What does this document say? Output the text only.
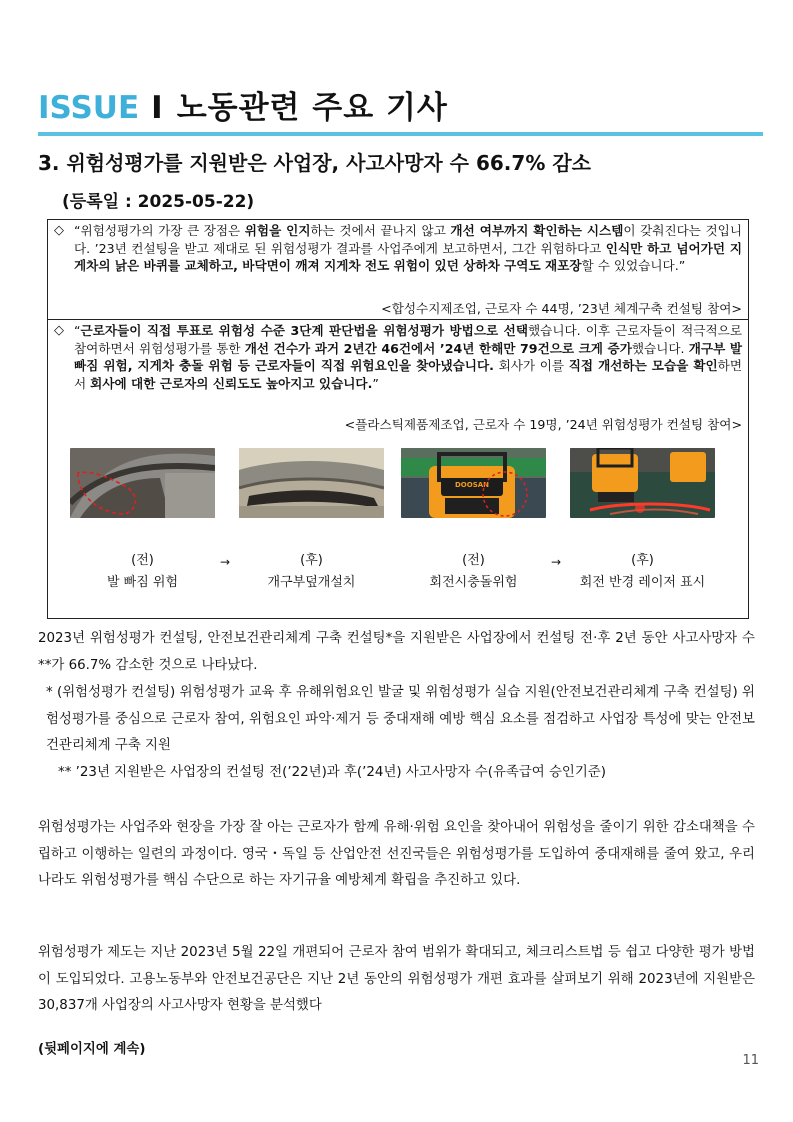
ISSUE I 노동관련 주요 기사
3. 위험성평가를 지원받은 사업장, 사고사망자 수 66.7% 감소
(등록일 : 2025-05-22)
◇ “위험성평가의 가장 큰 장점은 위험을 인지하는 것에서 끝나지 않고 개선 여부까지 확인하는 시스템이 갖춰진다는 것입니다. ’23년 컨설팅을 받고 제대로 된 위험성평가 결과를 사업주에게 보고하면서, 그간 위험하다고 인식만 하고 넘어가던 지게차의 낡은 바퀴를 교체하고, 바닥면이 깨져 지게차 전도 위험이 있던 상하차 구역도 재포장할 수 있었습니다.”
<합성수지제조업, 근로자 수 44명, ’23년 체계구축 컨설팅 참여>
◇ “근로자들이 직접 투표로 위험성 수준 3단계 판단법을 위험성평가 방법으로 선택했습니다. 이후 근로자들이 적극적으로 참여하면서 위험성평가를 통한 개선 건수가 과거 2년간 46건에서 ’24년 한해만 79건으로 크게 증가했습니다. 개구부 발 빠짐 위험, 지게차 충돌 위험 등 근로자들이 직접 위험요인을 찾아냈습니다. 회사가 이를 직접 개선하는 모습을 확인하면서 회사에 대한 근로자의 신뢰도도 높아지고 있습니다.”
<플라스틱제품제조업, 근로자 수 19명, ’24년 위험성평가 컨설팅 참여>
DOOSAN
(전)
발 빠짐 위험
→	(후)
개구부덮개설치
(전)
회전시충돌위험
→	(후)
회전 반경 레이저 표시
2023년 위험성평가 컨설팅, 안전보건관리체계 구축 컨설팅*을 지원받은 사업장에서 컨설팅 전·후 2년 동안 사고사망자 수**가 66.7% 감소한 것으로 나타났다.
* (위험성평가 컨설팅) 위험성평가 교육 후 유해위험요인 발굴 및 위험성평가 실습 지원(안전보건관리체계 구축 컨설팅) 위험성평가를 중심으로 근로자 참여, 위험요인 파악·제거 등 중대재해 예방 핵심 요소를 점검하고 사업장 특성에 맞는 안전보건관리체계 구축 지원
** ’23년 지원받은 사업장의 컨설팅 전(’22년)과 후(’24년) 사고사망자 수(유족급여 승인기준)
위험성평가는 사업주와 현장을 가장 잘 아는 근로자가 함께 유해·위험 요인을 찾아내어 위험성을 줄이기 위한 감소대책을 수립하고 이행하는 일련의 과정이다. 영국・독일 등 산업안전 선진국들은 위험성평가를 도입하여 중대재해를 줄여 왔고, 우리나라도 위험성평가를 핵심 수단으로 하는 자기규율 예방체계 확립을 추진하고 있다.
위험성평가 제도는 지난 2023년 5월 22일 개편되어 근로자 참여 범위가 확대되고, 체크리스트법 등 쉽고 다양한 평가 방법이 도입되었다. 고용노동부와 안전보건공단은 지난 2년 동안의 위험성평가 개편 효과를 살펴보기 위해 2023년에 지원받은 30,837개 사업장의 사고사망자 현황을 분석했다
(뒷페이지에 계속)
11
